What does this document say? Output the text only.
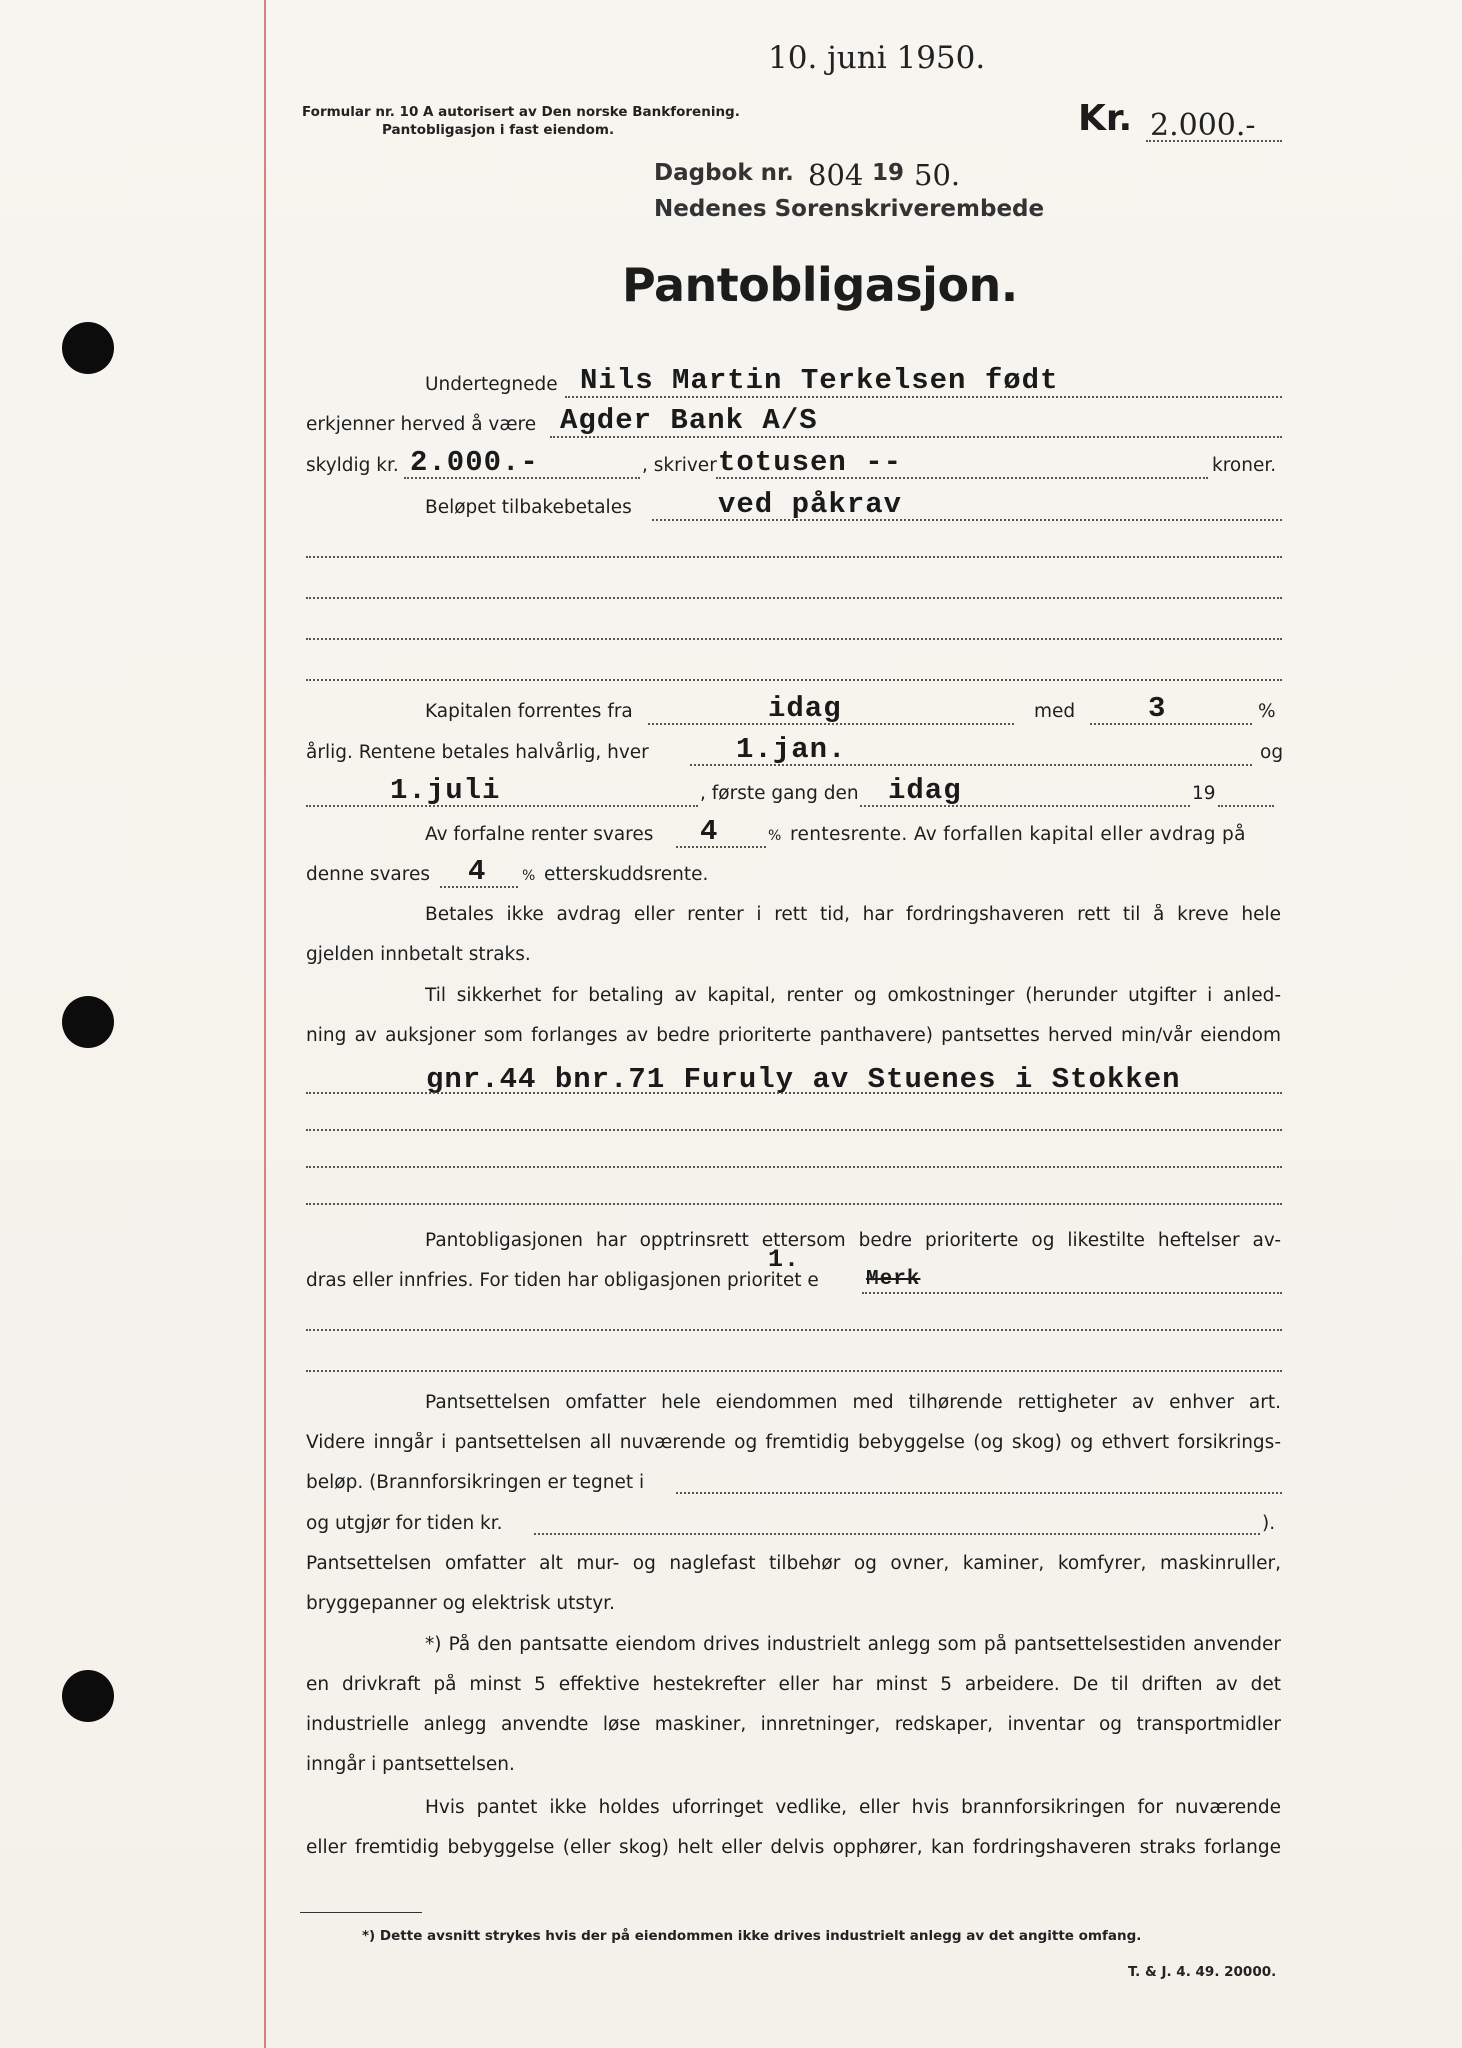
10. juni 1950.
Formular nr. 10 A autorisert av Den norske Bankforening.
Pantobligasjon i fast eiendom.	Kr. 2.000.-
Dagbok nr. 804 19 50.
Nedenes Sorenskriverembede
Pantobligasjon.
Undertegnede Nils Martin Terkelsen født
erkjenner herved å være Agder Bank A/S
skyldig kr. 2.000.-	, skriver totusen --	kroner.
Beløpet tilbakebetales	ved påkrav
Kapitalen forrentes fra	idag	med	3	%
årlig. Rentene betales halvårlig, hver	1.jan.	og
1.juli	, første gang den idag	19
Av forfalne renter svares 4	% rentesrente. Av forfallen kapital eller avdrag på
denne svares 4	% etterskuddsrente.
Betales ikke avdrag eller renter i rett tid, har fordringshaveren rett til å kreve hele
gjelden innbetalt straks.
Til sikkerhet for betaling av kapital, renter og omkostninger (herunder utgifter i anled-
ning av auksjoner som forlanges av bedre prioriterte panthavere) pantsettes herved min/vår eiendom
gnr.44 bnr.71 Furuly av Stuenes i Stokken
Pantobligasjonen har opptrinsrett ettersom bedre prioriterte og likestilte heftelser av-
dras eller innfries. For tiden har obligasjonen prioritet e
1.
Merk
Pantsettelsen omfatter hele eiendommen med tilhørende rettigheter av enhver art.
Videre inngår i pantsettelsen all nuværende og fremtidig bebyggelse (og skog) og ethvert forsikrings-
beløp. (Brannforsikringen er tegnet i
og utgjør for tiden kr.	).
Pantsettelsen omfatter alt mur- og naglefast tilbehør og ovner, kaminer, komfyrer, maskinruller,
bryggepanner og elektrisk utstyr.
*) På den pantsatte eiendom drives industrielt anlegg som på pantsettelsestiden anvender
en drivkraft på minst 5 effektive hestekrefter eller har minst 5 arbeidere. De til driften av det
industrielle anlegg anvendte løse maskiner, innretninger, redskaper, inventar og transportmidler
inngår i pantsettelsen.
Hvis pantet ikke holdes uforringet vedlike, eller hvis brannforsikringen for nuværende
eller fremtidig bebyggelse (eller skog) helt eller delvis opphører, kan fordringshaveren straks forlange
*) Dette avsnitt strykes hvis der på eiendommen ikke drives industrielt anlegg av det angitte omfang.
T. & J. 4. 49. 20000.
